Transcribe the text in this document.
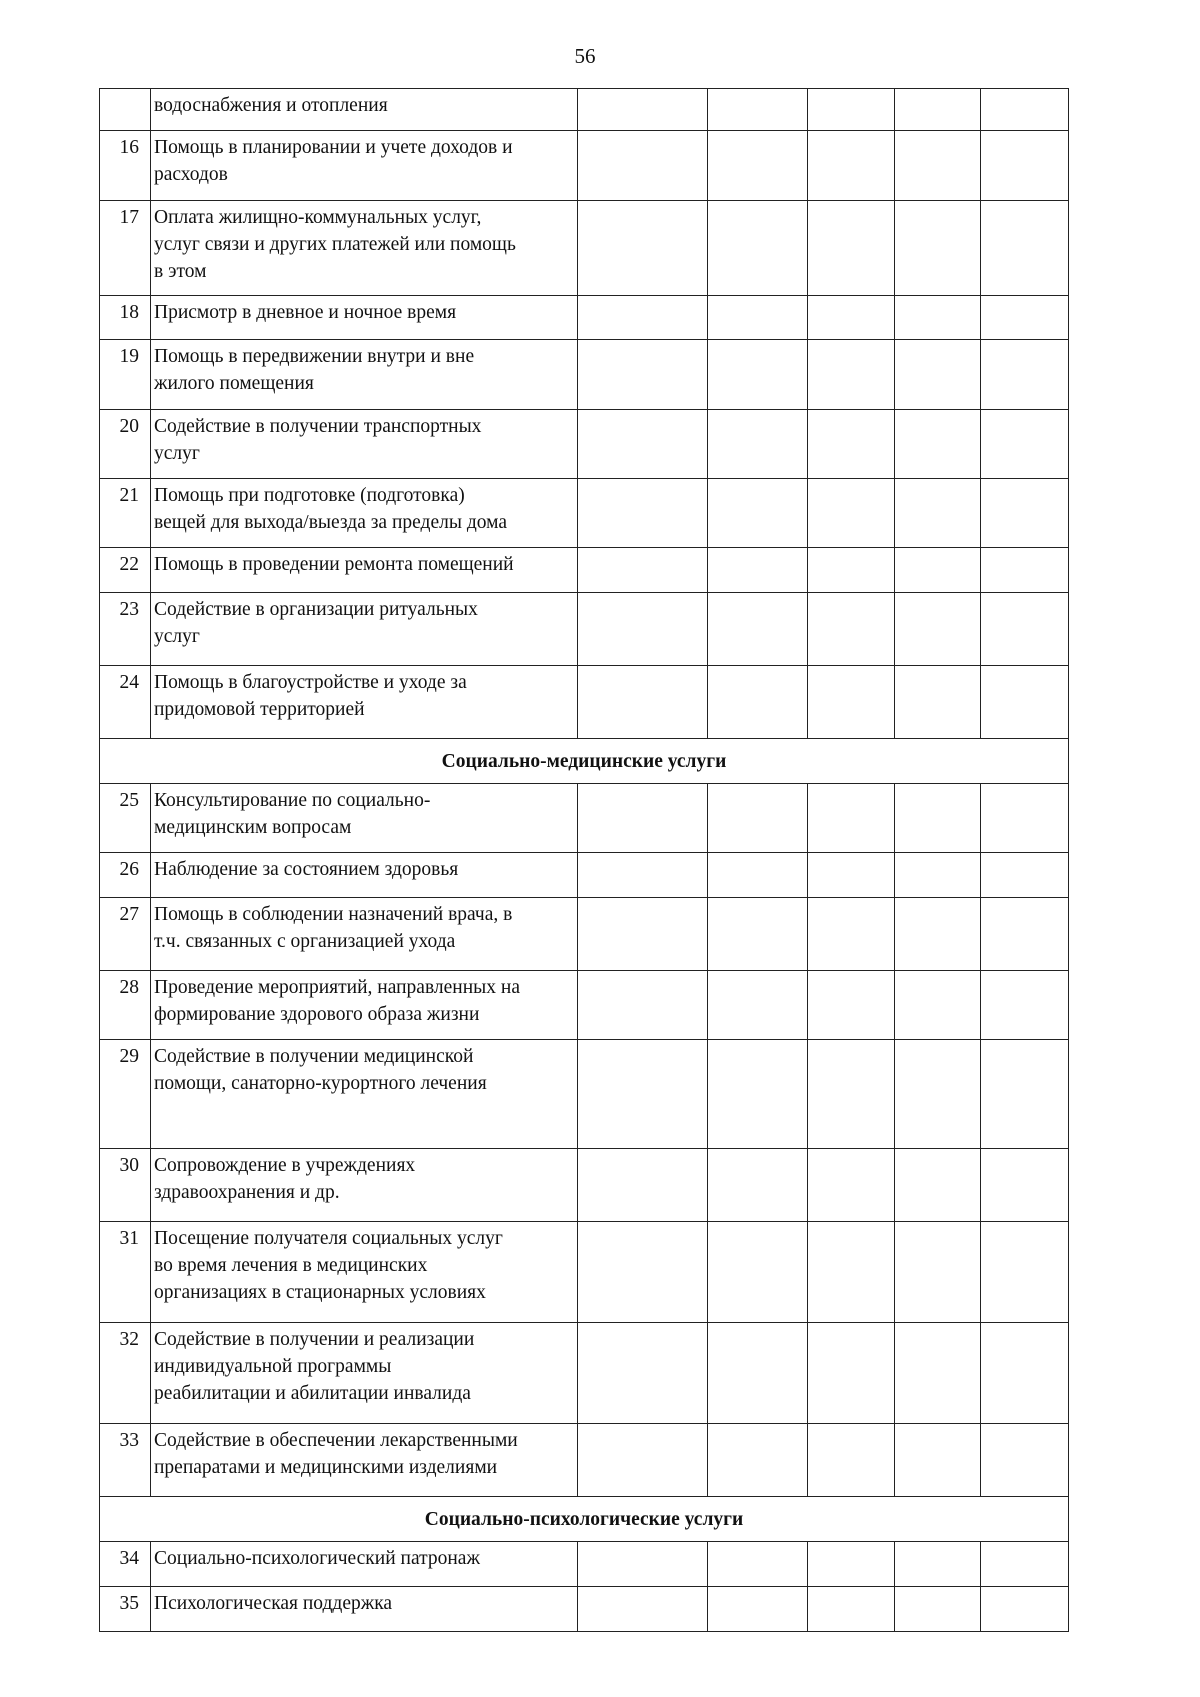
56

	водоснабжения и отопления					

16	Помощь в планировании и учете доходов и
расходов					

17	Оплата жилищно-коммунальных услуг,
услуг связи и других платежей или помощь
в этом					

18	Присмотр в дневное и ночное время					

19	Помощь в передвижении внутри и вне
жилого помещения					

20	Содействие в получении транспортных
услуг					

21	Помощь при подготовке (подготовка)
вещей для выхода/выезда за пределы дома					

22	Помощь в проведении ремонта помещений					

23	Содействие в организации ритуальных
услуг					

24	Помощь в благоустройстве и уходе за
придомовой территорией					

Социально-медицинские услуги						
25	Консультирование по социально-
медицинским вопросам					

26	Наблюдение за состоянием здоровья					

27	Помощь в соблюдении назначений врача, в
т.ч. связанных с организацией ухода					

28	Проведение мероприятий, направленных на
формирование здорового образа жизни					

29	Содействие в получении медицинской
помощи, санаторно-курортного лечения					

30	Сопровождение в учреждениях
здравоохранения и др.					

31	Посещение получателя социальных услуг
во время лечения в медицинских
организациях в стационарных условиях					

32	Содействие в получении и реализации
индивидуальной программы
реабилитации и абилитации инвалида					

33	Содействие в обеспечении лекарственными
препаратами и медицинскими изделиями					

Социально-психологические услуги						
34	Социально-психологический патронаж					

35	Психологическая поддержка					
